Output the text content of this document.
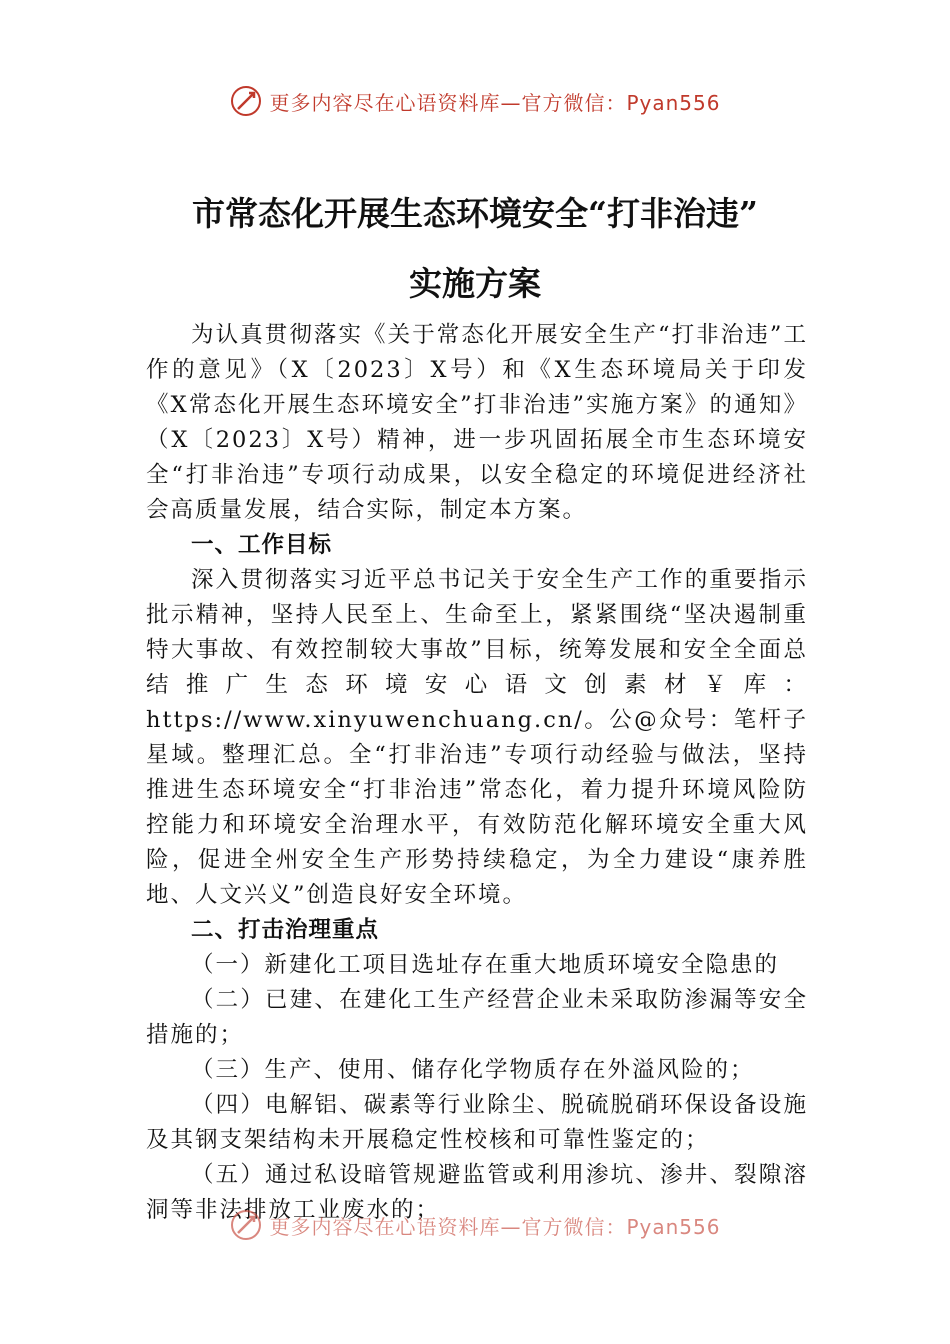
更多内容尽在心语资料库—官方微信：Pyan556
市常态化开展生态环境安全“打非治违”
实施方案

为认真贯彻落实《关于常态化开展安全生产“打非治违”工作的意见》（X〔2023〕X号）和《X生态环境局关于印发《X常态化开展生态环境安全”打非治违”实施方案》的通知》（X〔2023〕X号）精神，进一步巩固拓展全市生态环境安全“打非治违”专项行动成果，以安全稳定的环境促进经济社会高质量发展，结合实际，制定本方案。

一、工作目标

深入贯彻落实习近平总书记关于安全生产工作的重要指示批示精神，坚持人民至上、生命至上，紧紧围绕“坚决遏制重特大事故、有效控制较大事故”目标，统筹发展和安全全面总结推广生态环境安心语文创素材￥库：https://www.xinyuwenchuang.cn/。公@众号：笔杆子星域。整理汇总。全“打非治违”专项行动经验与做法，坚持推进生态环境安全“打非治违”常态化，着力提升环境风险防控能力和环境安全治理水平，有效防范化解环境安全重大风险，促进全州安全生产形势持续稳定，为全力建设“康养胜地、人文兴义”创造良好安全环境。

二、打击治理重点

（一）新建化工项目选址存在重大地质环境安全隐患的

（二）已建、在建化工生产经营企业未采取防渗漏等安全措施的；

（三）生产、使用、储存化学物质存在外溢风险的；

（四）电解铝、碳素等行业除尘、脱硫脱硝环保设备设施及其钢支架结构未开展稳定性校核和可靠性鉴定的；

（五）通过私设暗管规避监管或利用渗坑、渗井、裂隙溶洞等非法排放工业废水的；

更多内容尽在心语资料库—官方微信：Pyan556
